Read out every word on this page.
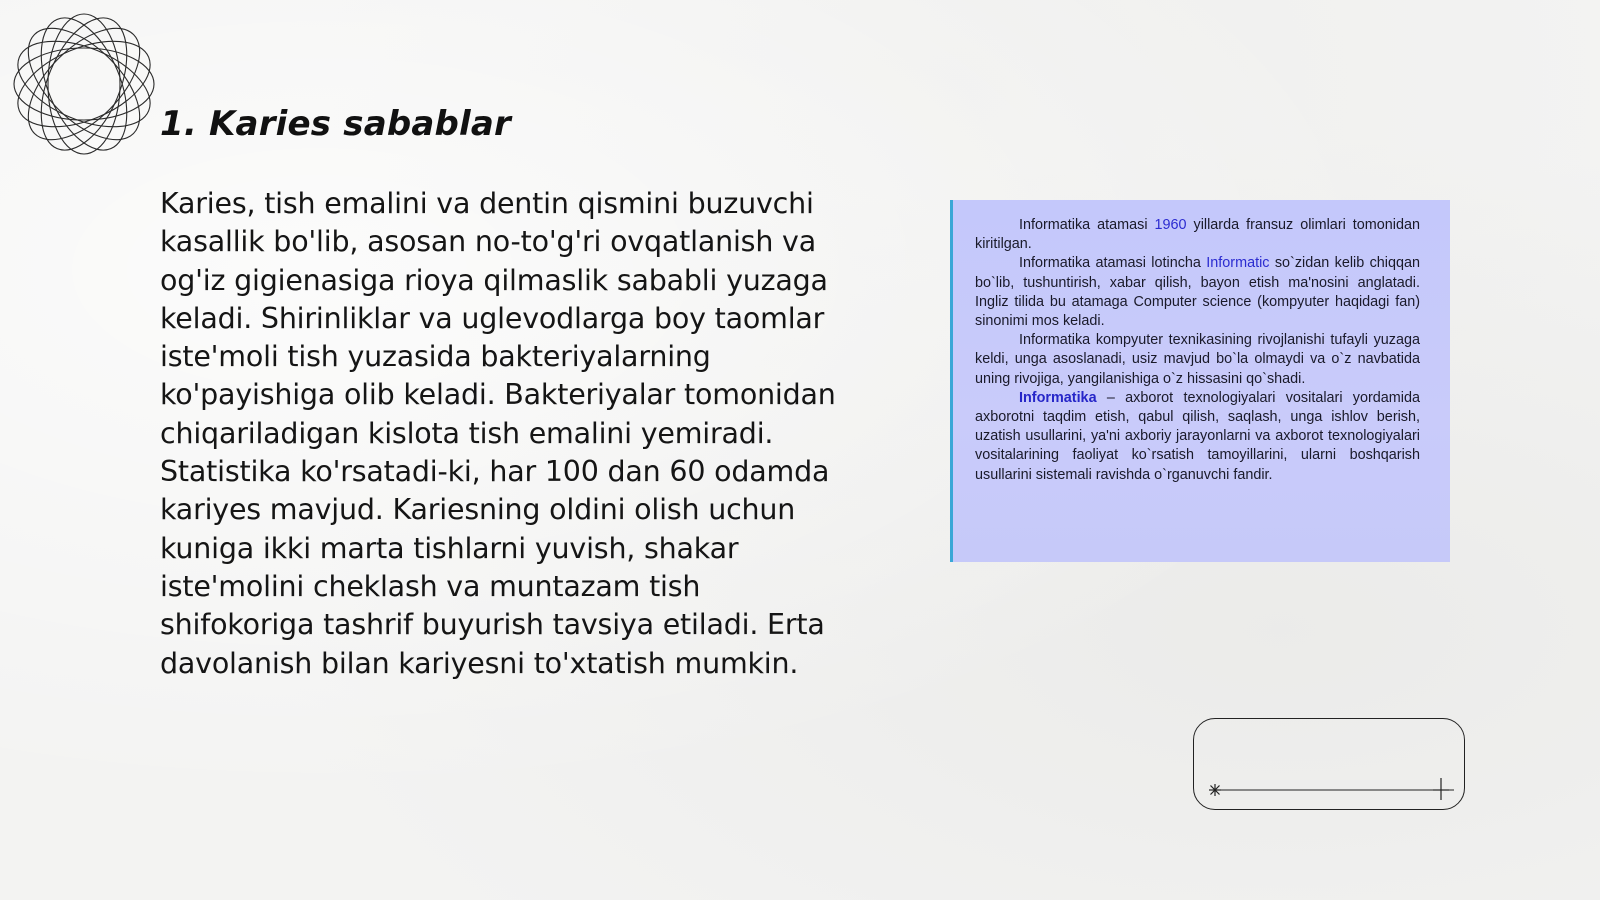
1. Karies sabablar

Karies, tish emalini va dentin qismini buzuvchi kasallik bo'lib, asosan no-to'g'ri ovqatlanish va og'iz gigienasiga rioya qilmaslik sababli yuzaga keladi. Shirinliklar va uglevodlarga boy taomlar iste'moli tish yuzasida bakteriyalarning ko'payishiga olib keladi. Bakteriyalar tomonidan chiqariladigan kislota tish emalini yemiradi. Statistika ko'rsatadi-ki, har 100 dan 60 odamda kariyes mavjud. Kariesning oldini olish uchun kuniga ikki marta tishlarni yuvish, shakar iste'molini cheklash va muntazam tish shifokoriga tashrif buyurish tavsiya etiladi. Erta davolanish bilan kariyesni to'xtatish mumkin.

Informatika atamasi 1960 yillarda fransuz olimlari tomonidan kiritilgan.

Informatika atamasi lotincha Informatic so`zidan kelib chiqqan bo`lib, tushuntirish, xabar qilish, bayon etish ma'nosini anglatadi. Ingliz tilida bu atamaga Computer science (kompyuter haqidagi fan) sinonimi mos keladi.

Informatika kompyuter texnikasining rivojlanishi tufayli yuzaga keldi, unga asoslanadi, usiz mavjud bo`la olmaydi va o`z navbatida uning rivojiga, yangilanishiga o`z hissasini qo`shadi.

Informatika – axborot texnologiyalari vositalari yordamida axborotni taqdim etish, qabul qilish, saqlash, unga ishlov berish, uzatish usullarini, ya'ni axboriy jarayonlarni va axborot texnologiyalari vositalarining faoliyat ko`rsatish tamoyillarini, ularni boshqarish usullarini sistemali ravishda o`rganuvchi fandir.
